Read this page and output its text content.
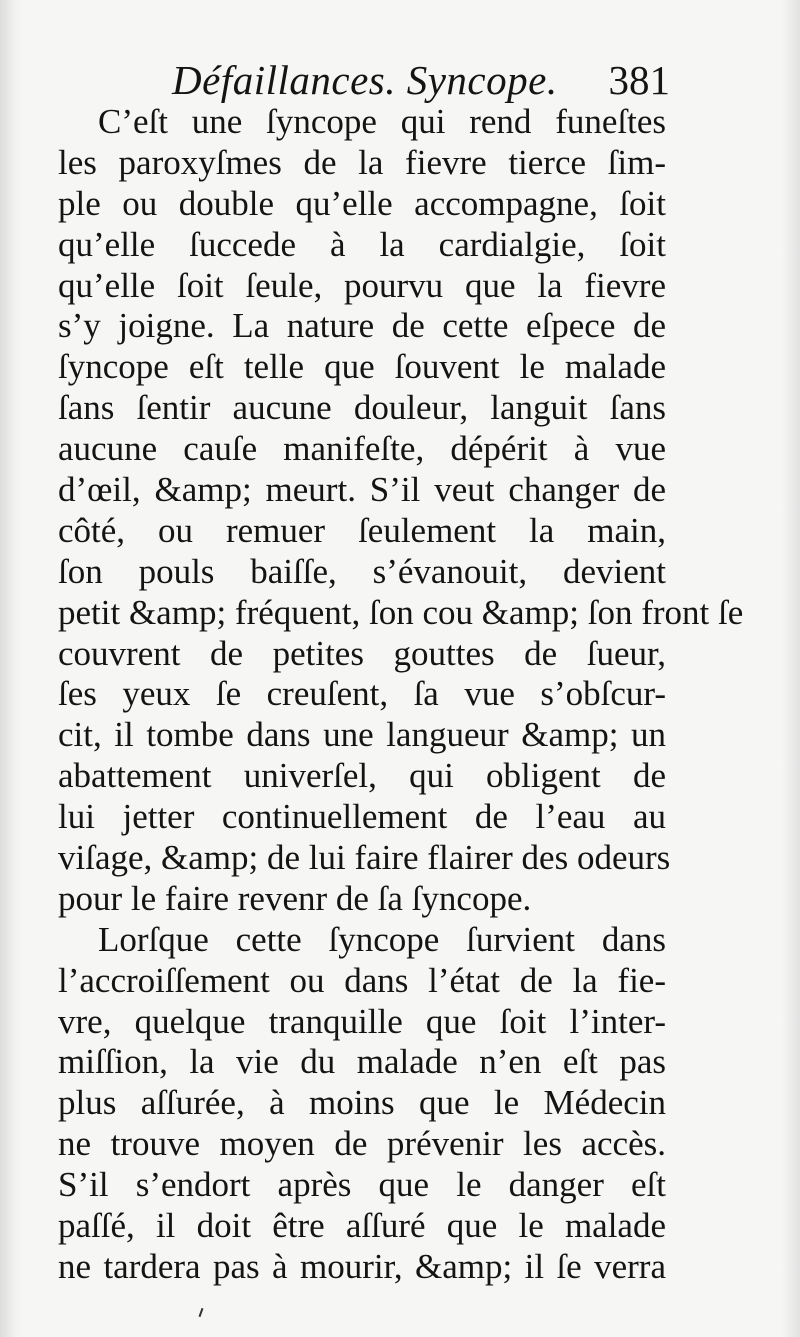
Défaillances. Syncope. 381
C’eſt une ſyncope qui rend funeſtes
les paroxyſmes de la fievre tierce ſim-
ple ou double qu’elle accompagne, ſoit
qu’elle ſuccede à la cardialgie, ſoit
qu’elle ſoit ſeule, pourvu que la fievre
s’y joigne. La nature de cette eſpece de
ſyncope eſt telle que ſouvent le malade
ſans ſentir aucune douleur, languit ſans
aucune cauſe manifeſte, dépérit à vue
d’œil, &amp; meurt. S’il veut changer de
côté, ou remuer ſeulement la main,
ſon pouls baiſſe, s’évanouit, devient
petit &amp; fréquent, ſon cou &amp; ſon front ſe
couvrent de petites gouttes de ſueur,
ſes yeux ſe creuſent, ſa vue s’obſcur-
cit, il tombe dans une langueur &amp; un
abattement univerſel, qui obligent de
lui jetter continuellement de l’eau au
viſage, &amp; de lui faire flairer des odeurs
pour le faire revenr de ſa ſyncope.
Lorſque cette ſyncope ſurvient dans
l’accroiſſement ou dans l’état de la fie-
vre, quelque tranquille que ſoit l’inter-
miſſion, la vie du malade n’en eſt pas
plus aſſurée, à moins que le Médecin
ne trouve moyen de prévenir les accès.
S’il s’endort après que le danger eſt
paſſé, il doit être aſſuré que le malade
ne tardera pas à mourir, &amp; il ſe verra
